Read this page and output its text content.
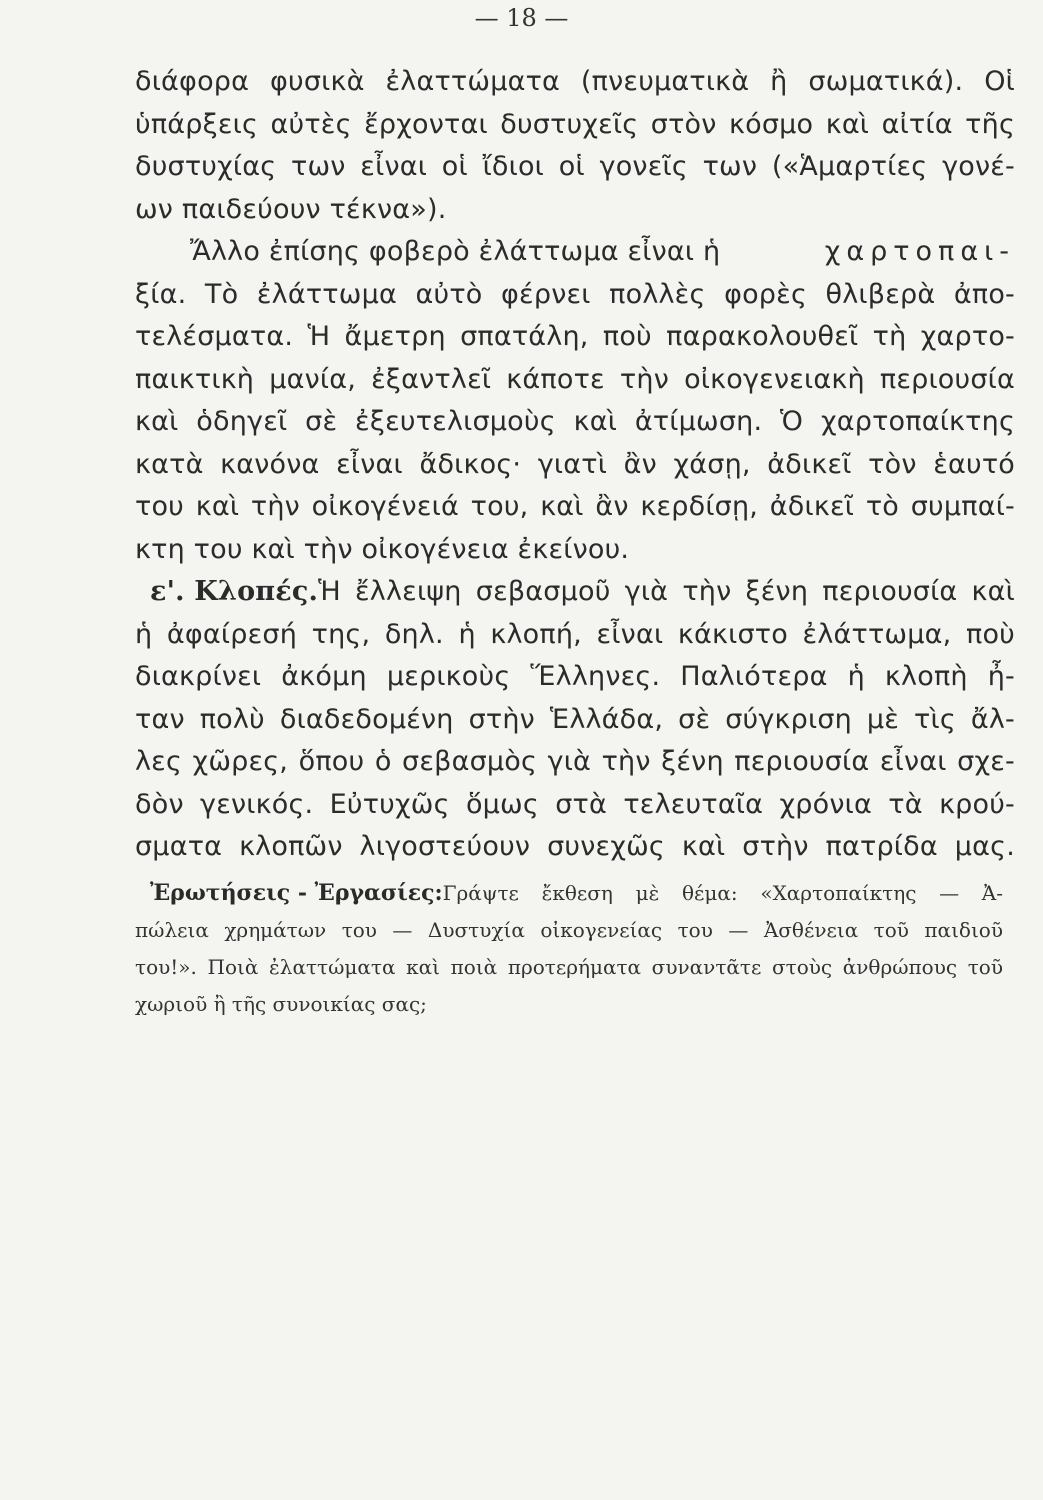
— 18 —
διάφορα φυσικὰ ἐλαττώματα (πνευματικὰ ἢ σωματικά). Οἱ
ὑπάρξεις αὐτὲς ἔρχονται δυστυχεῖς στὸν κόσμο καὶ αἰτία τῆς
δυστυχίας των εἶναι οἱ ἴδιοι οἱ γονεῖς των («Ἁμαρτίες γονέ-
ων παιδεύουν τέκνα»).
Ἄλλο ἐπίσης φοβερὸ ἐλάττωμα εἶναι ἡ	χαρτοπαι-
ξία. Τὸ ἐλάττωμα αὐτὸ φέρνει πολλὲς φορὲς θλιβερὰ ἀπο-
τελέσματα. Ἡ ἄμετρη σπατάλη, ποὺ παρακολουθεῖ τὴ χαρτο-
παικτικὴ μανία, ἐξαντλεῖ κάποτε τὴν οἰκογενειακὴ περιουσία
καὶ ὁδηγεῖ σὲ ἐξευτελισμοὺς καὶ ἀτίμωση. Ὁ χαρτοπαίκτης
κατὰ κανόνα εἶναι ἄδικος· γιατὶ ἂν χάσῃ, ἀδικεῖ τὸν ἑαυτό
του καὶ τὴν οἰκογένειά του, καὶ ἂν κερδίσῃ, ἀδικεῖ τὸ συμπαί-
κτη του καὶ τὴν οἰκογένεια ἐκείνου.
ε'. Κλοπές. Ἡ ἔλλειψη σεβασμοῦ γιὰ τὴν ξένη περιουσία καὶ
ἡ ἀφαίρεσή της, δηλ. ἡ κλοπή, εἶναι κάκιστο ἐλάττωμα, ποὺ
διακρίνει ἀκόμη μερικοὺς Ἕλληνες. Παλιότερα ἡ κλοπὴ ἦ-
ταν πολὺ διαδεδομένη στὴν Ἑλλάδα, σὲ σύγκριση μὲ τὶς ἄλ-
λες χῶρες, ὅπου ὁ σεβασμὸς γιὰ τὴν ξένη περιουσία εἶναι σχε-
δὸν γενικός. Εὐτυχῶς ὅμως στὰ τελευταῖα χρόνια τὰ κρού-
σματα κλοπῶν λιγοστεύουν συνεχῶς καὶ στὴν πατρίδα μας.
Ἐρωτήσεις - Ἐργασίες: Γράψτε ἔκθεση μὲ θέμα: «Χαρτοπαίκτης — Ἀ-
πώλεια χρημάτων του — Δυστυχία οἰκογενείας του — Ἀσθένεια τοῦ παιδιοῦ
του!». Ποιὰ ἐλαττώματα καὶ ποιὰ προτερήματα συναντᾶτε στοὺς ἀνθρώπους τοῦ
χωριοῦ ἢ τῆς συνοικίας σας;
